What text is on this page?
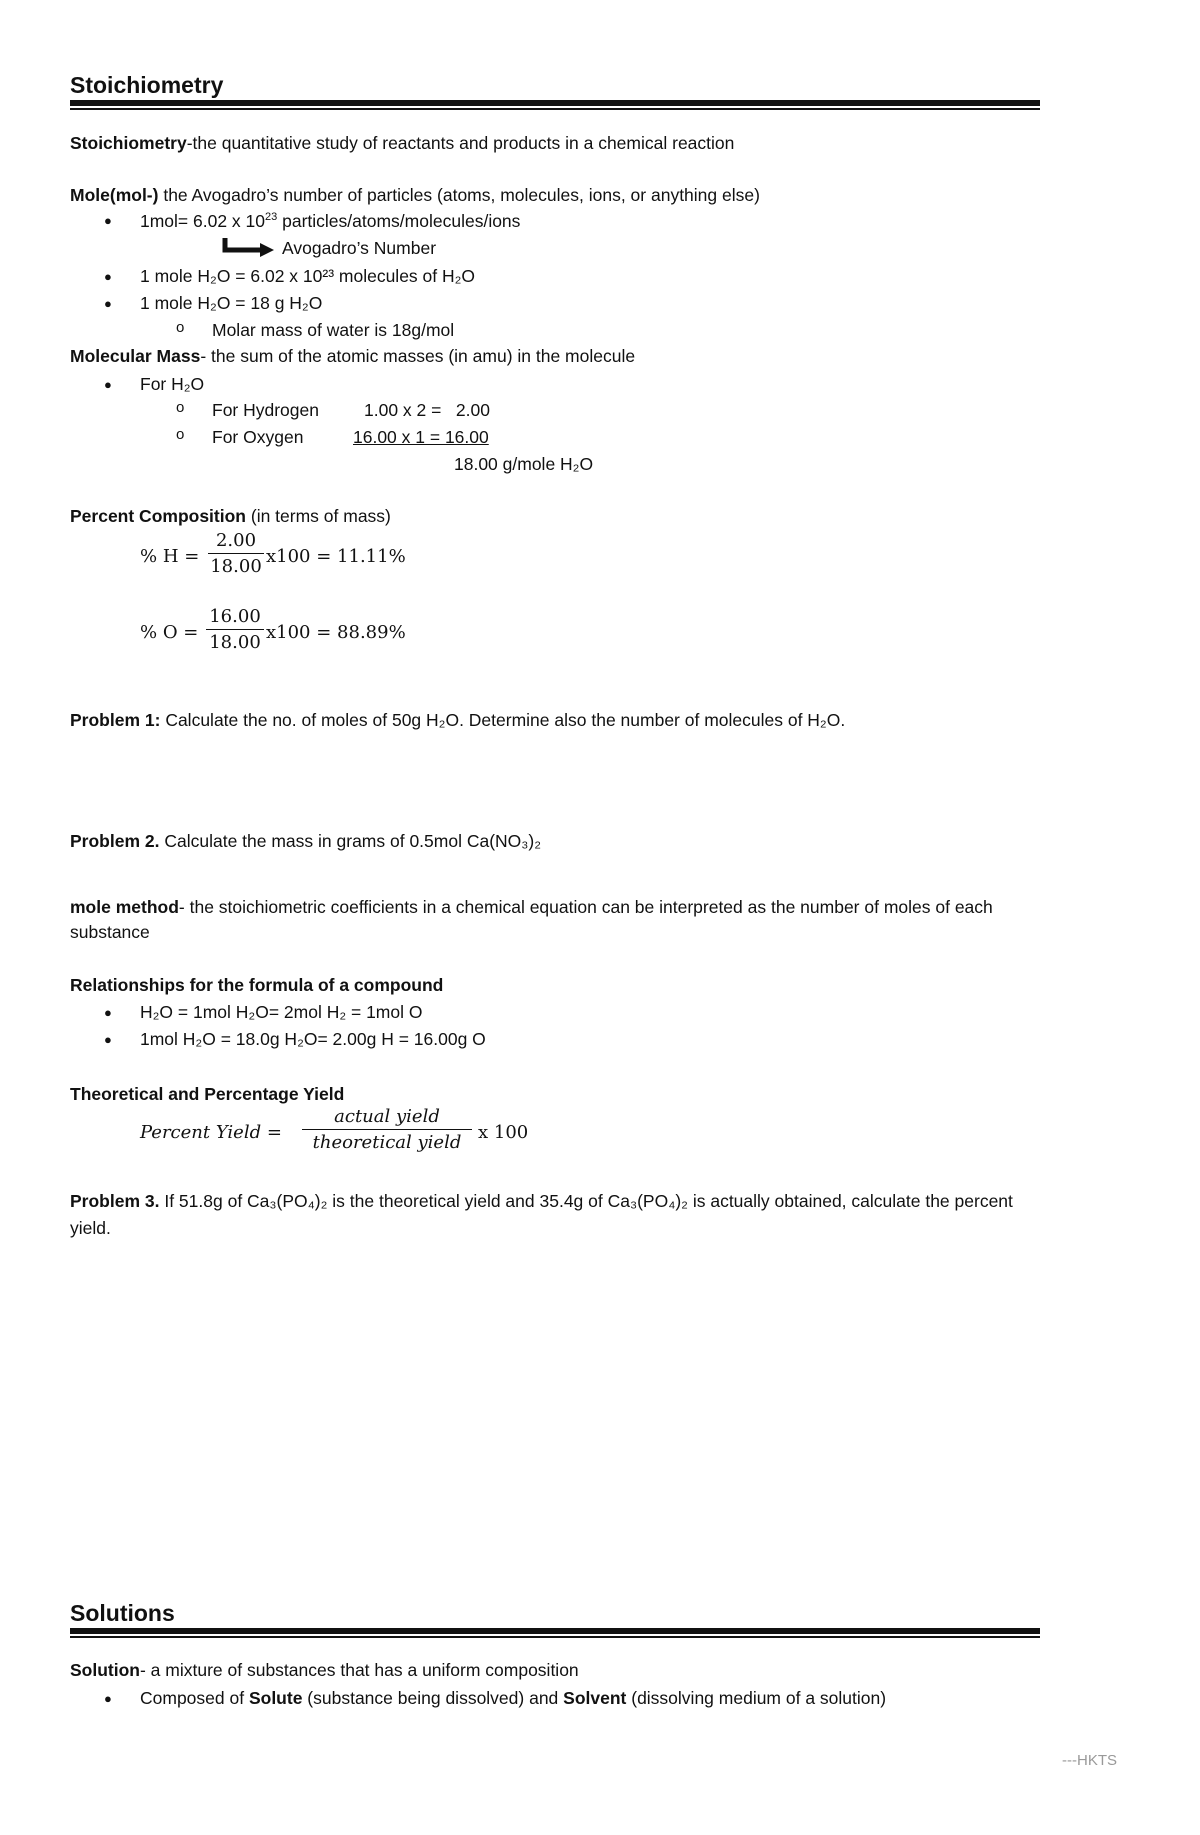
Stoichiometry
Stoichiometry-the quantitative study of reactants and products in a chemical reaction
Mole(mol-) the Avogadro’s number of particles (atoms, molecules, ions, or anything else)
● 1mol= 6.02 x $10^{23}$ particles/atoms/molecules/ions
Avogadro’s Number
● 1 mole H₂O = 6.02 x 10²³ molecules of H₂O
● 1 mole H₂O = 18 g H₂O
o Molar mass of water is 18g/mol
Molecular Mass- the sum of the atomic masses (in amu) in the molecule
● For H₂O
o For Hydrogen	1.00 x 2 =   2.00
o For Oxygen	16.00 x 1 = 16.00
18.00 g/mole H₂O
Percent Composition (in terms of mass)
% H =
2.00
18.00 x100 = 11.11%
% O =
16.00
18.00 x100 = 88.89%
Problem 1: Calculate the no. of moles of 50g H₂O. Determine also the number of molecules of H₂O.
Problem 2. Calculate the mass in grams of 0.5mol Ca(NO₃)₂
mole method- the stoichiometric coefficients in a chemical equation can be interpreted as the number of moles of each
substance
Relationships for the formula of a compound
● H₂O = 1mol H₂O= 2mol H₂ = 1mol O
● 1mol H₂O = 18.0g H₂O= 2.00g H = 16.00g O
Theoretical and Percentage Yield
Percent Yield =
actual yield
theoretical yield x 100
Problem 3. If 51.8g of Ca₃(PO₄)₂ is the theoretical yield and 35.4g of Ca₃(PO₄)₂ is actually obtained, calculate the percent
yield.
Solutions
Solution- a mixture of substances that has a uniform composition
● Composed of Solute (substance being dissolved) and Solvent (dissolving medium of a solution)
---HKTS
